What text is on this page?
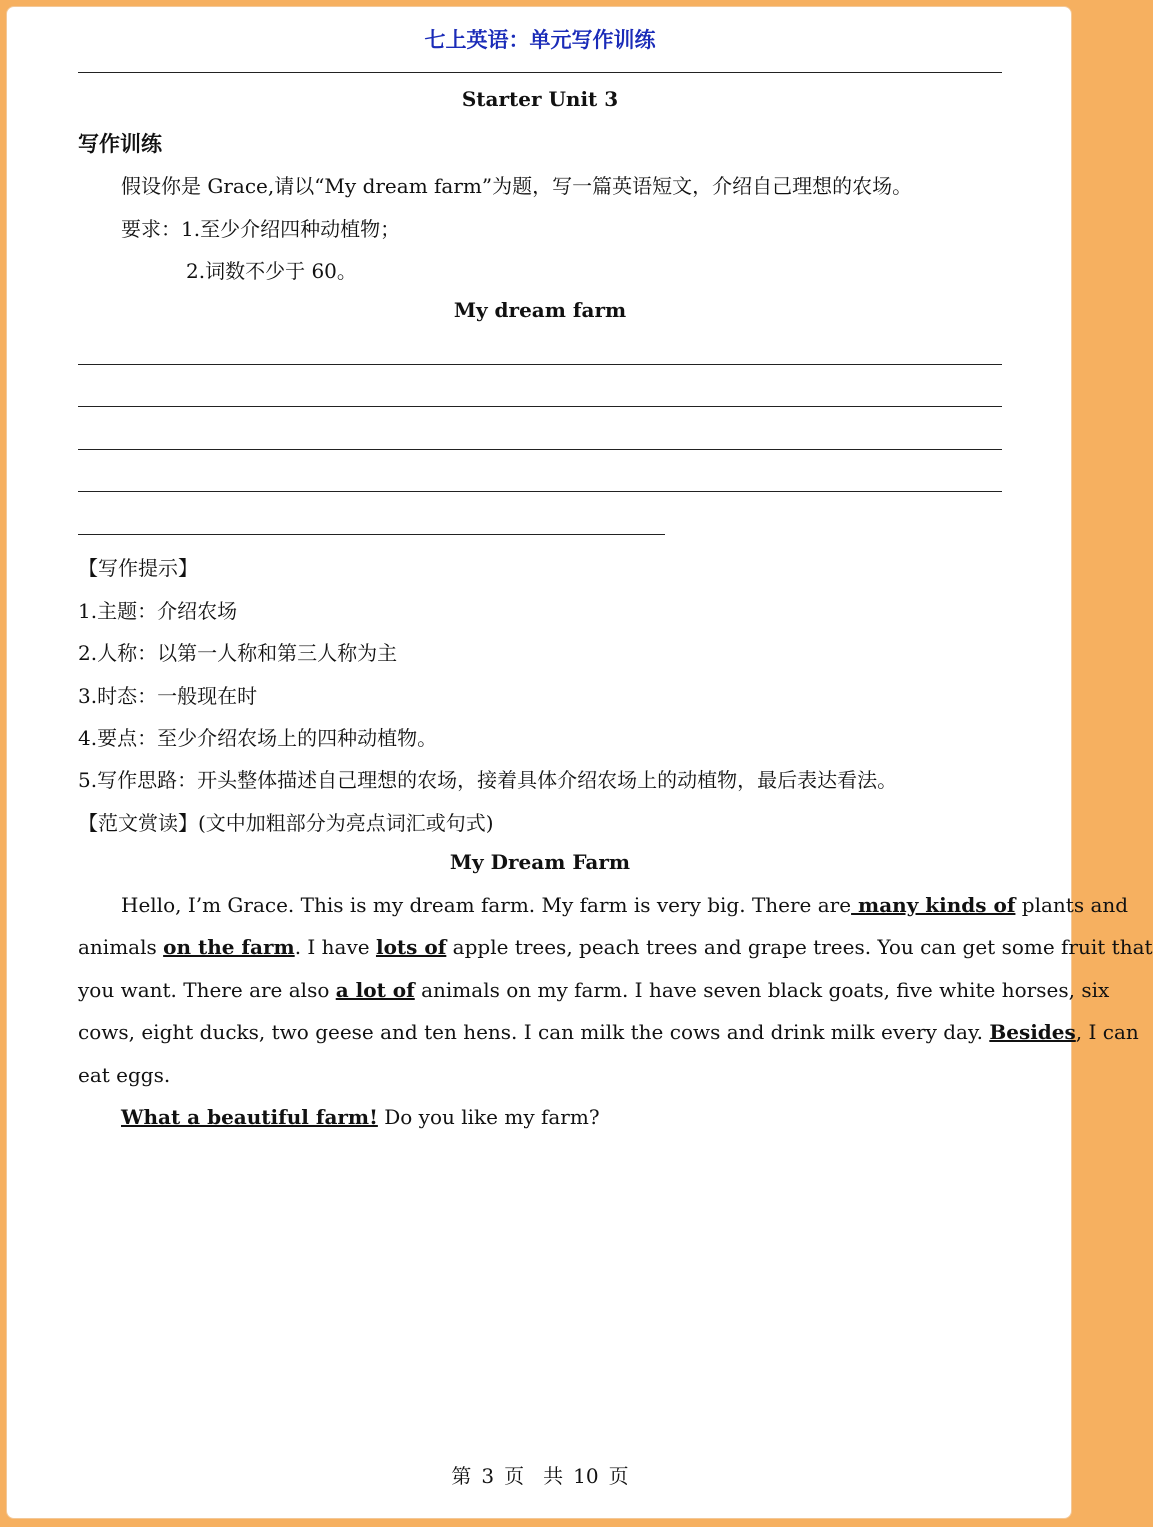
七上英语：单元写作训练
Starter Unit 3
写作训练
假设你是 Grace,请以“My dream farm”为题，写一篇英语短文，介绍自己理想的农场。
要求：1.至少介绍四种动植物；
2.词数不少于 60。
My dream farm
【写作提示】
1.主题：介绍农场
2.人称：以第一人称和第三人称为主
3.时态：一般现在时
4.要点：至少介绍农场上的四种动植物。
5.写作思路：开头整体描述自己理想的农场，接着具体介绍农场上的动植物，最后表达看法。
【范文赏读】(文中加粗部分为亮点词汇或句式)
My Dream Farm
Hello, I’m Grace. This is my dream farm. My farm is very big. There are many kinds of plants and
animals on the farm. I have lots of apple trees, peach trees and grape trees. You can get some fruit that
you want. There are also a lot of animals on my farm. I have seven black goats, five white horses, six
cows, eight ducks, two geese and ten hens. I can milk the cows and drink milk every day. Besides, I can
eat eggs.
What a beautiful farm! Do you like my farm?
第 3 页 共 10 页
